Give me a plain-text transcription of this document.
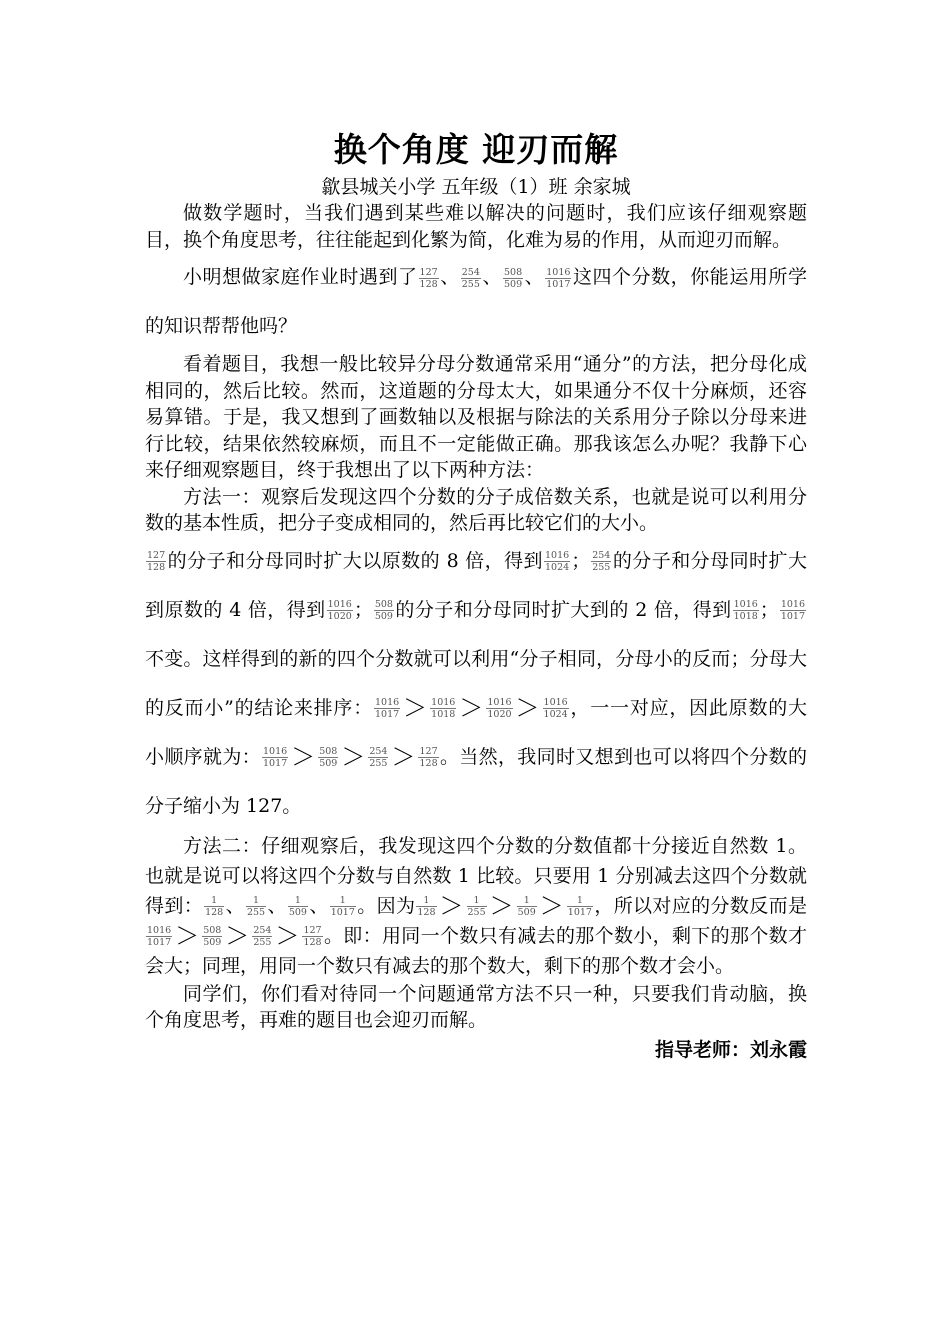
换个角度 迎刃而解
歙县城关小学 五年级（1）班 余家城

做数学题时，当我们遇到某些难以解决的问题时，我们应该仔细观察题目，换个角度思考，往往能起到化繁为简，化难为易的作用，从而迎刃而解。

小明想做家庭作业时遇到了 $\frac{127}{128}$ 、 $\frac{254}{255}$ 、 $\frac{508}{509}$ 、 $\frac{1016}{1017}$ 这四个分数，你能运用所学的知识帮帮他吗？

看着题目，我想一般比较异分母分数通常采用“通分”的方法，把分母化成相同的，然后比较。然而，这道题的分母太大，如果通分不仅十分麻烦，还容易算错。于是，我又想到了画数轴以及根据与除法的关系用分子除以分母来进行比较，结果依然较麻烦，而且不一定能做正确。那我该怎么办呢？我静下心来仔细观察题目，终于我想出了以下两种方法：

方法一：观察后发现这四个分数的分子成倍数关系，也就是说可以利用分数的基本性质，把分子变成相同的，然后再比较它们的大小。

$\frac{127}{128}$ 的分子和分母同时扩大以原数的 8 倍，得到 $\frac{1016}{1024}$ ； $\frac{254}{255}$ 的分子和分母同时扩大到原数的 4 倍，得到 $\frac{1016}{1020}$ ； $\frac{508}{509}$ 的分子和分母同时扩大到的 2 倍，得到 $\frac{1016}{1018}$ ； $\frac{1016}{1017}$
不变。这样得到的新的四个分数就可以利用“分子相同，分母小的反而；分母大的反而小”的结论来排序： $\frac{1016}{1017} > \frac{1016}{1018} > \frac{1016}{1020} > \frac{1016}{1024}$ ，一一对应，因此原数的大小顺序就为： $\frac{1016}{1017} > \frac{508}{509} > \frac{254}{255} > \frac{127}{128}$ 。当然，我同时又想到也可以将四个分数的分子缩小为 127。

方法二：仔细观察后，我发现这四个分数的分数值都十分接近自然数 1。也就是说可以将这四个分数与自然数 1 比较。只要用 1 分别减去这四个分数就得到： $\frac{1}{128}$ 、 $\frac{1}{255}$ 、 $\frac{1}{509}$ 、 $\frac{1}{1017}$ 。因为 $\frac{1}{128} > \frac{1}{255} > \frac{1}{509} > \frac{1}{1017}$ ，所以对应的分数反而是
$\frac{1016}{1017} > \frac{508}{509} > \frac{254}{255} > \frac{127}{128}$ 。即：用同一个数只有减去的那个数小，剩下的那个数才会大；同理，用同一个数只有减去的那个数大，剩下的那个数才会小。

同学们，你们看对待同一个问题通常方法不只一种，只要我们肯动脑，换个角度思考，再难的题目也会迎刃而解。

指导老师：刘永霞
